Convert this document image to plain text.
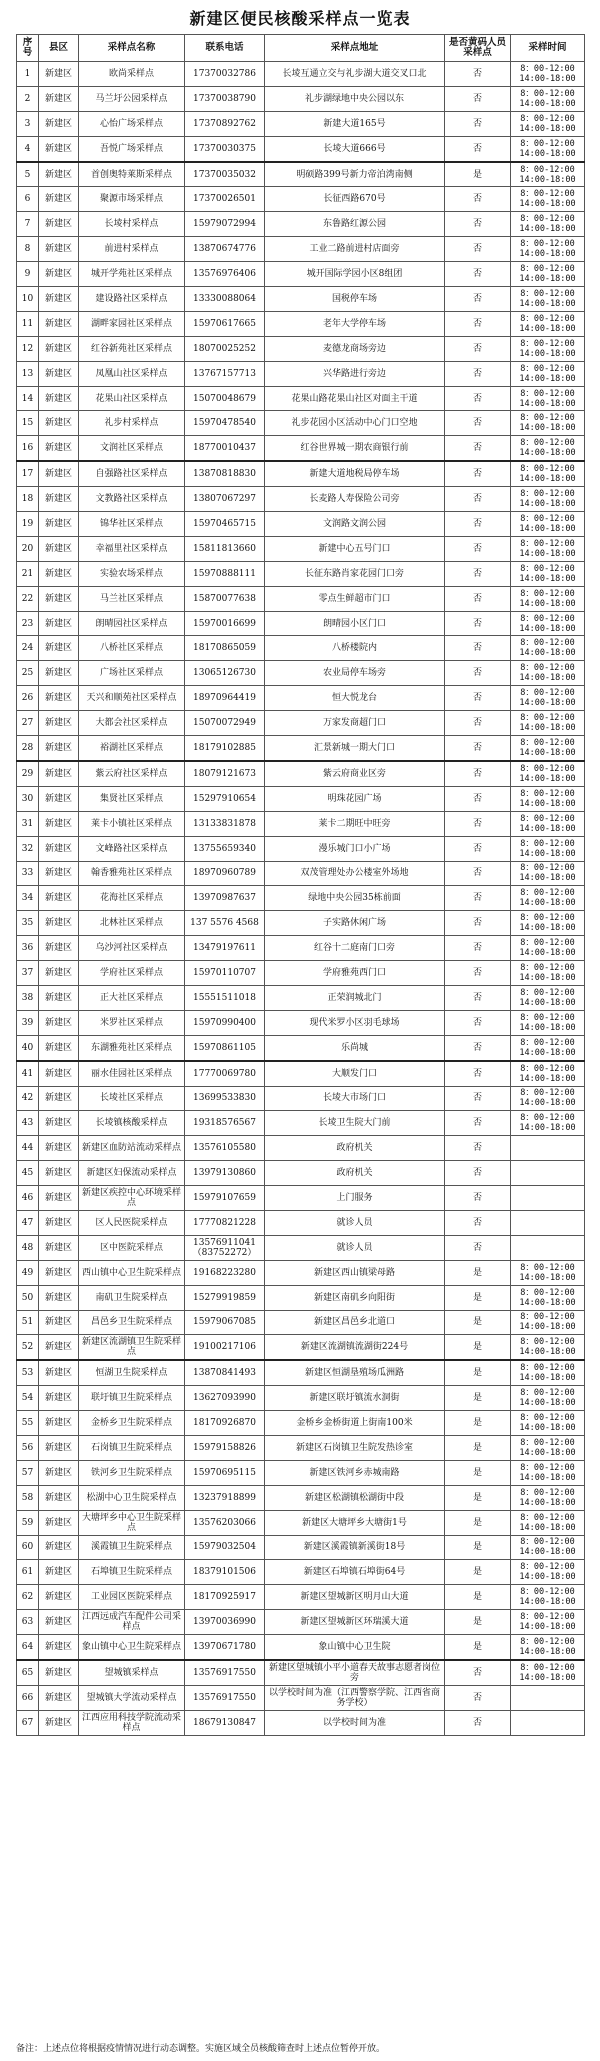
新建区便民核酸采样点一览表
序号	县区	采样点名称	联系电话	采样点地址	是否黄码人员采样点	采样时间
1	新建区	欧尚采样点	17370032786	长堎互通立交与礼步湖大道交叉口北	否	8：00-12:00
14:00-18:00

2	新建区	马兰圩公园采样点	17370038790	礼步湖绿地中央公园以东	否	8：00-12:00
14:00-18:00

3	新建区	心怡广场采样点	17370892762	新建大道165号	否	8：00-12:00
14:00-18:00

4	新建区	吾悦广场采样点	17370030375	长堎大道666号	否	8：00-12:00
14:00-18:00

5	新建区	首创奥特莱斯采样点	17370035032	明硕路399号新力帝泊湾南侧	是	8：00-12:00
14:00-18:00

6	新建区	聚源市场采样点	17370026501	长征西路670号	否	8：00-12:00
14:00-18:00

7	新建区	长堎村采样点	15979072994	东鲁路红源公园	否	8：00-12:00
14:00-18:00

8	新建区	前进村采样点	13870674776	工业二路前进村店面旁	否	8：00-12:00
14:00-18:00

9	新建区	城开学苑社区采样点	13576976406	城开国际学园小区8组团	否	8：00-12:00
14:00-18:00

10	新建区	建设路社区采样点	13330088064	国税停车场	否	8：00-12:00
14:00-18:00

11	新建区	湖畔家园社区采样点	15970617665	老年大学停车场	否	8：00-12:00
14:00-18:00

12	新建区	红谷新苑社区采样点	18070025252	麦德龙商场旁边	否	8：00-12:00
14:00-18:00

13	新建区	凤凰山社区采样点	13767157713	兴华路进行旁边	否	8：00-12:00
14:00-18:00

14	新建区	花果山社区采样点	15070048679	花果山路花果山社区对面主干道	否	8：00-12:00
14:00-18:00

15	新建区	礼步村采样点	15970478540	礼步花园小区活动中心门口空地	否	8：00-12:00
14:00-18:00

16	新建区	文润社区采样点	18770010437	红谷世界城一期农商银行前	否	8：00-12:00
14:00-18:00

17	新建区	自强路社区采样点	13870818830	新建大道地税局停车场	否	8：00-12:00
14:00-18:00

18	新建区	文教路社区采样点	13807067297	长麦路人寿保险公司旁	否	8：00-12:00
14:00-18:00

19	新建区	锦华社区采样点	15970465715	文润路文润公园	否	8：00-12:00
14:00-18:00

20	新建区	幸福里社区采样点	15811813660	新建中心五号门口	否	8：00-12:00
14:00-18:00

21	新建区	实验农场采样点	15970888111	长征东路肖家花园门口旁	否	8：00-12:00
14:00-18:00

22	新建区	马兰社区采样点	15870077638	零点生鲜超市门口	否	8：00-12:00
14:00-18:00

23	新建区	朗晴园社区采样点	15970016699	朗晴园小区门口	否	8：00-12:00
14:00-18:00

24	新建区	八桥社区采样点	18170865059	八桥楼院内	否	8：00-12:00
14:00-18:00

25	新建区	广场社区采样点	13065126730	农业局停车场旁	否	8：00-12:00
14:00-18:00

26	新建区	天兴和顺苑社区采样点	18970964419	恒大悦龙台	否	8：00-12:00
14:00-18:00

27	新建区	大都会社区采样点	15070072949	万家发商超门口	否	8：00-12:00
14:00-18:00

28	新建区	裕湖社区采样点	18179102885	汇景新城一期大门口	否	8：00-12:00
14:00-18:00

29	新建区	紫云府社区采样点	18079121673	紫云府商业区旁	否	8：00-12:00
14:00-18:00

30	新建区	集贤社区采样点	15297910654	明珠花园广场	否	8：00-12:00
14:00-18:00

31	新建区	莱卡小镇社区采样点	13133831878	莱卡二期旺中旺旁	否	8：00-12:00
14:00-18:00

32	新建区	文峰路社区采样点	13755659340	漫乐城门口小广场	否	8：00-12:00
14:00-18:00

33	新建区	翰香雅苑社区采样点	18970960789	双茂管理处办公楼室外场地	否	8：00-12:00
14:00-18:00

34	新建区	花海社区采样点	13970987637	绿地中央公园35栋前面	否	8：00-12:00
14:00-18:00

35	新建区	北林社区采样点	137 5576 4568	子实路休闲广场	否	8：00-12:00
14:00-18:00

36	新建区	乌沙河社区采样点	13479197611	红谷十二庭南门口旁	否	8：00-12:00
14:00-18:00

37	新建区	学府社区采样点	15970110707	学府雅苑西门口	否	8：00-12:00
14:00-18:00

38	新建区	正大社区采样点	15551511018	正荣润城北门	否	8：00-12:00
14:00-18:00

39	新建区	米罗社区采样点	15970990400	现代米罗小区羽毛球场	否	8：00-12:00
14:00-18:00

40	新建区	东湖雅苑社区采样点	15970861105	乐尚城	否	8：00-12:00
14:00-18:00

41	新建区	丽水佳园社区采样点	17770069780	大顺发门口	否	8：00-12:00
14:00-18:00

42	新建区	长堎社区采样点	13699533830	长堎大市场门口	否	8：00-12:00
14:00-18:00

43	新建区	长堎镇核酸采样点	19318576567	长堎卫生院大门前	否	8：00-12:00
14:00-18:00

44	新建区	新建区血防站流动采样点	13576105580	政府机关	否	

45	新建区	新建区妇保流动采样点	13979130860	政府机关	否	

46	新建区	新建区疾控中心环境采样点	15979107659	上门服务	否	

47	新建区	区人民医院采样点	17770821228	就诊人员	否	

48	新建区	区中医院采样点	13576911041（83752272）	就诊人员	否	

49	新建区	西山镇中心卫生院采样点	19168223280	新建区西山镇梁母路	是	8：00-12:00
14:00-18:00

50	新建区	南矶卫生院采样点	15279919859	新建区南矶乡向阳街	是	8：00-12:00
14:00-18:00

51	新建区	昌邑乡卫生院采样点	15979067085	新建区昌邑乡北道口	是	8：00-12:00
14:00-18:00

52	新建区	新建区流湖镇卫生院采样点	19100217106	新建区流湖镇流湖街224号	是	8：00-12:00
14:00-18:00

53	新建区	恒湖卫生院采样点	13870841493	新建区恒湖垦殖场瓜洲路	是	8：00-12:00
14:00-18:00

54	新建区	联圩镇卫生院采样点	13627093990	新建区联圩镇流水洞街	是	8：00-12:00
14:00-18:00

55	新建区	金桥乡卫生院采样点	18170926870	金桥乡金桥街道上街南100米	是	8：00-12:00
14:00-18:00

56	新建区	石岗镇卫生院采样点	15979158826	新建区石岗镇卫生院发热诊室	是	8：00-12:00
14:00-18:00

57	新建区	铁河乡卫生院采样点	15970695115	新建区铁河乡赤城南路	是	8：00-12:00
14:00-18:00

58	新建区	松湖中心卫生院采样点	13237918899	新建区松湖镇松湖街中段	是	8：00-12:00
14:00-18:00

59	新建区	大塘坪乡中心卫生院采样点	13576203066	新建区大塘坪乡大塘街1号	是	8：00-12:00
14:00-18:00

60	新建区	溪霞镇卫生院采样点	15979032504	新建区溪霞镇新溪街18号	是	8：00-12:00
14:00-18:00

61	新建区	石埠镇卫生院采样点	18379101506	新建区石埠镇石埠街64号	是	8：00-12:00
14:00-18:00

62	新建区	工业园区医院采样点	18170925917	新建区望城新区明月山大道	是	8：00-12:00
14:00-18:00

63	新建区	江西远成汽车配件公司采样点	13970036990	新建区望城新区环瑞溪大道	是	8：00-12:00
14:00-18:00

64	新建区	象山镇中心卫生院采样点	13970671780	象山镇中心卫生院	是	8：00-12:00
14:00-18:00

65	新建区	望城镇采样点	13576917550	新建区望城镇小平小道春天故事志愿者岗位旁	否	8：00-12:00
14:00-18:00

66	新建区	望城镇大学流动采样点	13576917550	以学校时间为准（江西警察学院、江西省商务学校）	否	

67	新建区	江西应用科技学院流动采样点	18679130847	以学校时间为准	否	
备注：上述点位将根据疫情情况进行动态调整。实施区域全员核酸筛查时上述点位暂停开放。
